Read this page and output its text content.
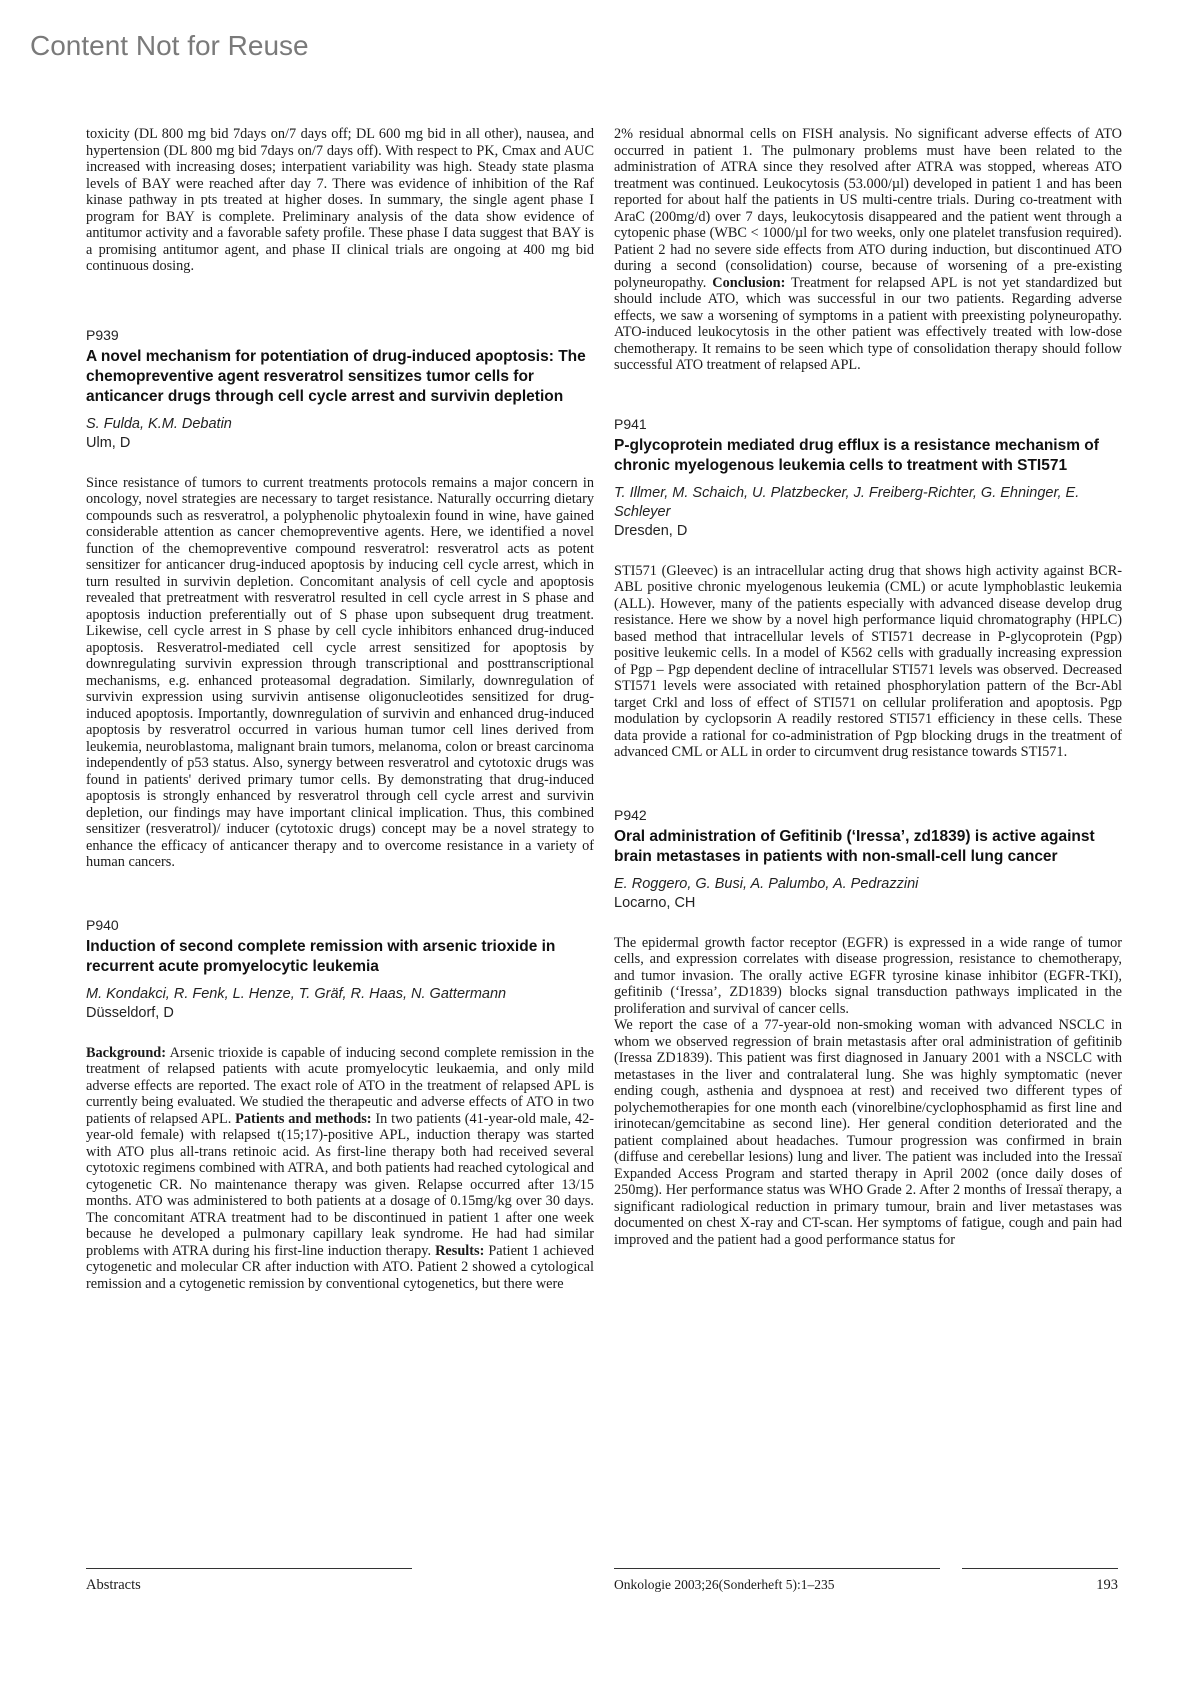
Content Not for Reuse

toxicity (DL 800 mg bid 7days on/7 days off; DL 600 mg bid in all other), nausea, and hypertension (DL 800 mg bid 7days on/7 days off). With respect to PK, Cmax and AUC increased with increasing doses; interpatient variability was high. Steady state plasma levels of BAY were reached after day 7. There was evidence of inhibition of the Raf kinase pathway in pts treated at higher doses. In summary, the single agent phase I program for BAY is complete. Preliminary analysis of the data show evidence of antitumor activity and a favorable safety profile. These phase I data suggest that BAY is a promising antitumor agent, and phase II clinical trials are ongoing at 400 mg bid continuous dosing.

P939
A novel mechanism for potentiation of drug-induced apoptosis: The chemopreventive agent resveratrol sensitizes tumor cells for anticancer drugs through cell cycle arrest and survivin depletion
S. Fulda, K.M. Debatin
Ulm, D

Since resistance of tumors to current treatments protocols remains a major concern in oncology, novel strategies are necessary to target resistance. Naturally occurring dietary compounds such as resveratrol, a polyphenolic phytoalexin found in wine, have gained considerable attention as cancer chemopreventive agents. Here, we identified a novel function of the chemopreventive compound resveratrol: resveratrol acts as potent sensitizer for anticancer drug-induced apoptosis by inducing cell cycle arrest, which in turn resulted in survivin depletion. Concomitant analysis of cell cycle and apoptosis revealed that pretreatment with resveratrol resulted in cell cycle arrest in S phase and apoptosis induction preferentially out of S phase upon subsequent drug treatment. Likewise, cell cycle arrest in S phase by cell cycle inhibitors enhanced drug-induced apoptosis. Resveratrol-mediated cell cycle arrest sensitized for apoptosis by downregulating survivin expression through transcriptional and posttranscriptional mechanisms, e.g. enhanced proteasomal degradation. Similarly, downregulation of survivin expression using survivin antisense oligonucleotides sensitized for drug-induced apoptosis. Importantly, downregulation of survivin and enhanced drug-induced apoptosis by resveratrol occurred in various human tumor cell lines derived from leukemia, neuroblastoma, malignant brain tumors, melanoma, colon or breast carcinoma independently of p53 status. Also, synergy between resveratrol and cytotoxic drugs was found in patients' derived primary tumor cells. By demonstrating that drug-induced apoptosis is strongly enhanced by resveratrol through cell cycle arrest and survivin depletion, our findings may have important clinical implication. Thus, this combined sensitizer (resveratrol)/ inducer (cytotoxic drugs) concept may be a novel strategy to enhance the efficacy of anticancer therapy and to overcome resistance in a variety of human cancers.

P940
Induction of second complete remission with arsenic trioxide in recurrent acute promyelocytic leukemia
M. Kondakci, R. Fenk, L. Henze, T. Gräf, R. Haas, N. Gattermann
Düsseldorf, D

Background: Arsenic trioxide is capable of inducing second complete remission in the treatment of relapsed patients with acute promyelocytic leukaemia, and only mild adverse effects are reported. The exact role of ATO in the treatment of relapsed APL is currently being evaluated. We studied the therapeutic and adverse effects of ATO in two patients of relapsed APL. Patients and methods: In two patients (41-year-old male, 42-year-old female) with relapsed t(15;17)-positive APL, induction therapy was started with ATO plus all-trans retinoic acid. As first-line therapy both had received several cytotoxic regimens combined with ATRA, and both patients had reached cytological and cytogenetic CR. No maintenance therapy was given. Relapse occurred after 13/15 months. ATO was administered to both patients at a dosage of 0.15mg/kg over 30 days. The concomitant ATRA treatment had to be discontinued in patient 1 after one week because he developed a pulmonary capillary leak syndrome. He had had similar problems with ATRA during his first-line induction therapy. Results: Patient 1 achieved cytogenetic and molecular CR after induction with ATO. Patient 2 showed a cytological remission and a cytogenetic remission by conventional cytogenetics, but there were

2% residual abnormal cells on FISH analysis. No significant adverse effects of ATO occurred in patient 1. The pulmonary problems must have been related to the administration of ATRA since they resolved after ATRA was stopped, whereas ATO treatment was continued. Leukocytosis (53.000/µl) developed in patient 1 and has been reported for about half the patients in US multi-centre trials. During co-treatment with AraC (200mg/d) over 7 days, leukocytosis disappeared and the patient went through a cytopenic phase (WBC < 1000/µl for two weeks, only one platelet transfusion required). Patient 2 had no severe side effects from ATO during induction, but discontinued ATO during a second (consolidation) course, because of worsening of a pre-existing polyneuropathy. Conclusion: Treatment for relapsed APL is not yet standardized but should include ATO, which was successful in our two patients. Regarding adverse effects, we saw a worsening of symptoms in a patient with preexisting polyneuropathy. ATO-induced leukocytosis in the other patient was effectively treated with low-dose chemotherapy. It remains to be seen which type of consolidation therapy should follow successful ATO treatment of relapsed APL.

P941
P-glycoprotein mediated drug efflux is a resistance mechanism of chronic myelogenous leukemia cells to treatment with STI571
T. Illmer, M. Schaich, U. Platzbecker, J. Freiberg-Richter, G. Ehninger, E. Schleyer
Dresden, D

STI571 (Gleevec) is an intracellular acting drug that shows high activity against BCR-ABL positive chronic myelogenous leukemia (CML) or acute lymphoblastic leukemia (ALL). However, many of the patients especially with advanced disease develop drug resistance. Here we show by a novel high performance liquid chromatography (HPLC) based method that intracellular levels of STI571 decrease in P-glycoprotein (Pgp) positive leukemic cells. In a model of K562 cells with gradually increasing expression of Pgp – Pgp dependent decline of intracellular STI571 levels was observed. Decreased STI571 levels were associated with retained phosphorylation pattern of the Bcr-Abl target Crkl and loss of effect of STI571 on cellular proliferation and apoptosis. Pgp modulation by cyclopsorin A readily restored STI571 efficiency in these cells. These data provide a rational for co-administration of Pgp blocking drugs in the treatment of advanced CML or ALL in order to circumvent drug resistance towards STI571.

P942
Oral administration of Gefitinib (‘Iressa’, zd1839) is active against brain metastases in patients with non-small-cell lung cancer
E. Roggero, G. Busi, A. Palumbo, A. Pedrazzini
Locarno, CH

The epidermal growth factor receptor (EGFR) is expressed in a wide range of tumor cells, and expression correlates with disease progression, resistance to chemotherapy, and tumor invasion. The orally active EGFR tyrosine kinase inhibitor (EGFR-TKI), gefitinib (‘Iressa’, ZD1839) blocks signal transduction pathways implicated in the proliferation and survival of cancer cells.

We report the case of a 77-year-old non-smoking woman with advanced NSCLC in whom we observed regression of brain metastasis after oral administration of gefitinib (Iressa ZD1839). This patient was first diagnosed in January 2001 with a NSCLC with metastases in the liver and contralateral lung. She was highly symptomatic (never ending cough, asthenia and dyspnoea at rest) and received two different types of polychemotherapies for one month each (vinorelbine/cyclophosphamid as first line and irinotecan/gemcitabine as second line). Her general condition deteriorated and the patient complained about headaches. Tumour progression was confirmed in brain (diffuse and cerebellar lesions) lung and liver. The patient was included into the Iressaï Expanded Access Program and started therapy in April 2002 (once daily doses of 250mg). Her performance status was WHO Grade 2. After 2 months of Iressaï therapy, a significant radiological reduction in primary tumour, brain and liver metastases was documented on chest X-ray and CT-scan. Her symptoms of fatigue, cough and pain had improved and the patient had a good performance status for

Abstracts	Onkologie 2003;26(Sonderheft 5):1–235	193
